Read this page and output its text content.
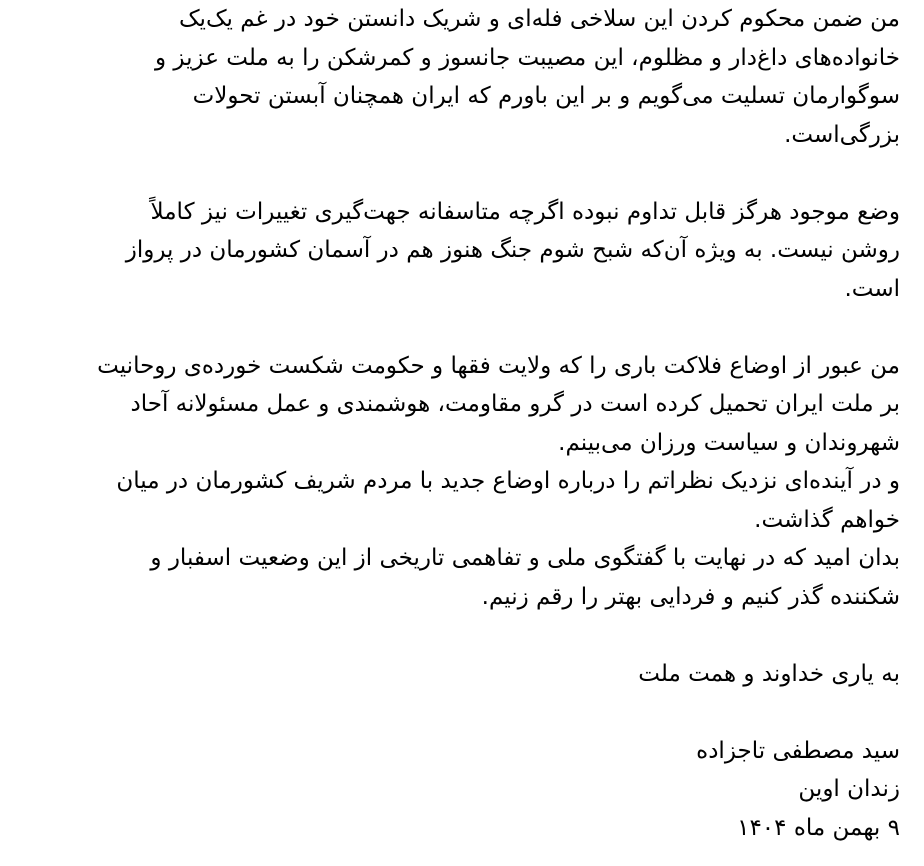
من ضمن محکوم کردن این سلاخی فله‌ای و شریک دانستن خود در غم یک‌یک
خانواده‌های داغ‌دار و مظلوم، این مصیبت جانسوز و کمرشکن را به ملت عزیز و
سوگوارمان تسلیت می‌گویم و بر این باورم که ایران همچنان آبستن تحولات
بزرگی‌است.
وضع موجود هرگز قابل تداوم نبوده اگرچه متاسفانه جهت‌گیری تغییرات نیز کاملاً
روشن نیست. به ویژه آن‌که شبح شوم جنگ هنوز هم در آسمان کشورمان در پرواز
است.
من عبور از اوضاع فلاکت باری را که ولایت فقها و حکومت شکست خورده‌ی روحانیت
بر ملت ایران تحمیل کرده است در گرو مقاومت، هوشمندی و عمل مسئولانه آحاد
شهروندان و سیاست ورزان می‌بینم.
و در آینده‌ای نزدیک نظراتم را درباره اوضاع جدید با مردم شریف کشورمان در میان
خواهم گذاشت.
بدان امید که در نهایت با گفتگوی ملی و تفاهمی تاریخی از این وضعیت اسفبار و
شکننده گذر کنیم و فردایی بهتر را رقم زنیم.
به یاری خداوند و همت ملت
سید مصطفی تاجزاده
زندان اوین
۹ بهمن ماه ۱۴۰۴
